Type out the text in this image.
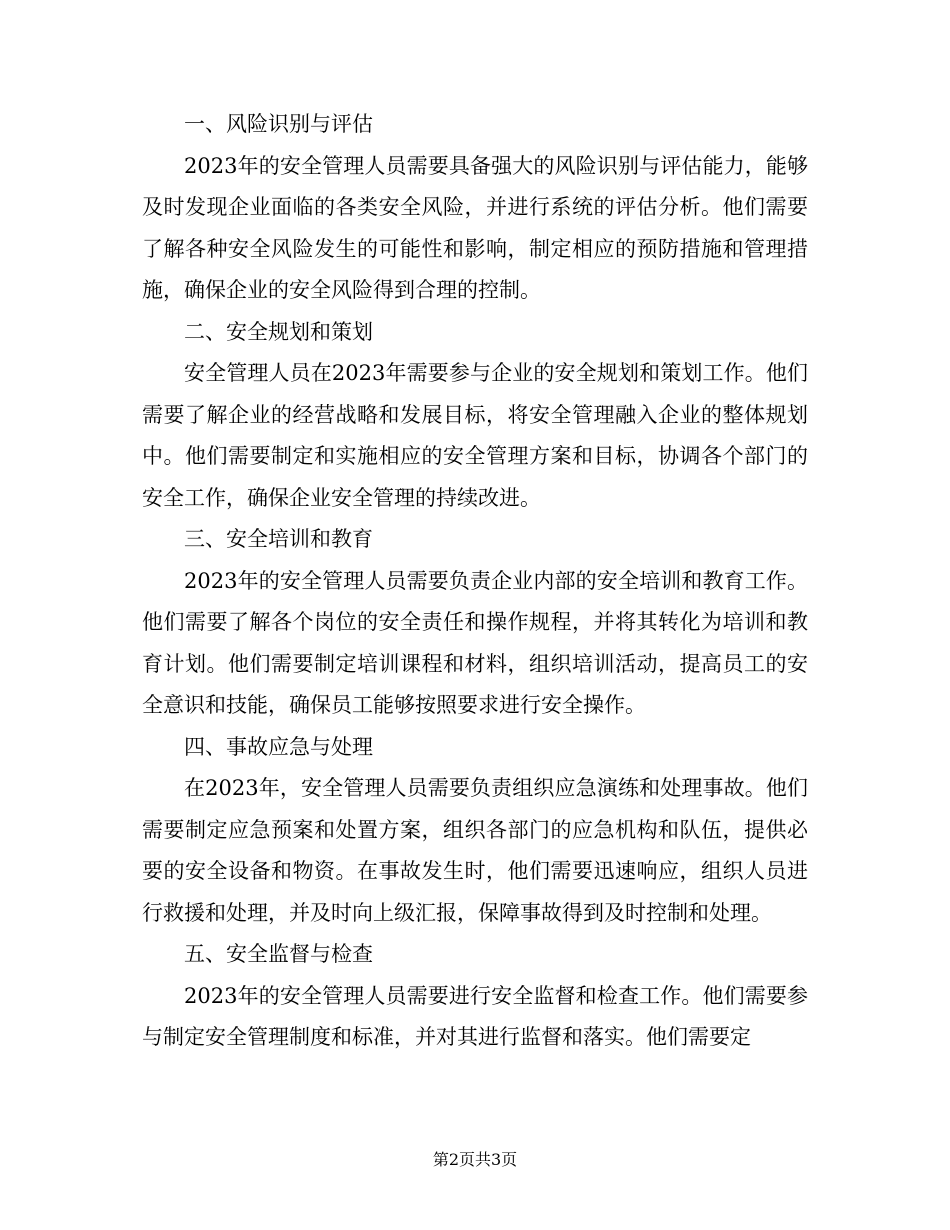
一、风险识别与评估

2023年的安全管理人员需要具备强大的风险识别与评估能力，能够及时发现企业面临的各类安全风险，并进行系统的评估分析。他们需要了解各种安全风险发生的可能性和影响，制定相应的预防措施和管理措施，确保企业的安全风险得到合理的控制。

二、安全规划和策划

安全管理人员在2023年需要参与企业的安全规划和策划工作。他们需要了解企业的经营战略和发展目标，将安全管理融入企业的整体规划中。他们需要制定和实施相应的安全管理方案和目标，协调各个部门的安全工作，确保企业安全管理的持续改进。

三、安全培训和教育

2023年的安全管理人员需要负责企业内部的安全培训和教育工作。他们需要了解各个岗位的安全责任和操作规程，并将其转化为培训和教育计划。他们需要制定培训课程和材料，组织培训活动，提高员工的安全意识和技能，确保员工能够按照要求进行安全操作。

四、事故应急与处理

在2023年，安全管理人员需要负责组织应急演练和处理事故。他们需要制定应急预案和处置方案，组织各部门的应急机构和队伍，提供必要的安全设备和物资。在事故发生时，他们需要迅速响应，组织人员进行救援和处理，并及时向上级汇报，保障事故得到及时控制和处理。

五、安全监督与检查

2023年的安全管理人员需要进行安全监督和检查工作。他们需要参与制定安全管理制度和标准，并对其进行监督和落实。他们需要定

第2页共3页
